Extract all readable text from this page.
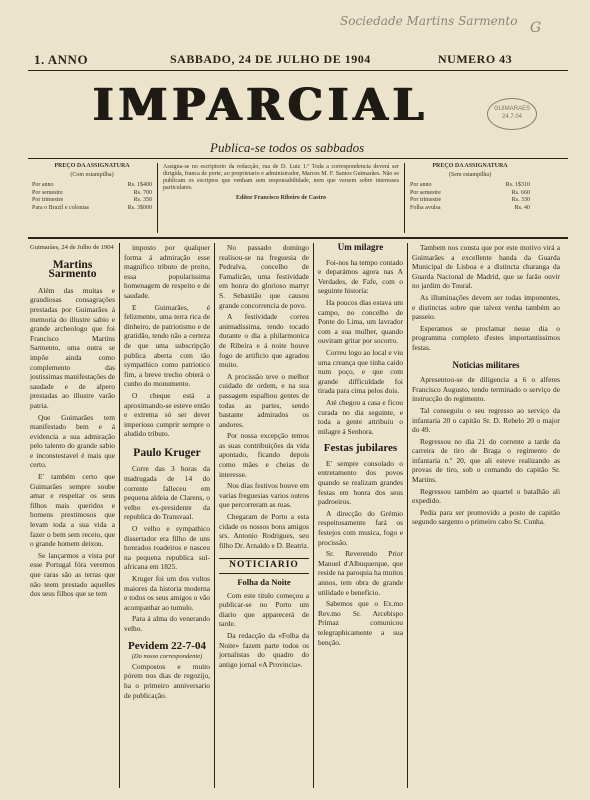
Sociedade Martins Sarmento G
1. ANNO	SABBADO, 24 DE JULHO DE 1904	NUMERO 43
IMPARCIAL
Publica-se todos os sabbados
GUIMARAES
24.7.04
PREÇO DA ASSIGNATURA
(Com estampilha)
Por anno	Rs. 1$400
Por semestre	Rs. 700
Por trimestre	Rs. 350
Para o Brazil e colonias	Rs. 3$000
Assigna-se no escriptorio da redacção, rua de D. Luiz 1.º Toda a correspondencia deverá ser dirigida, franca de porte, ao proprietario e administrador, Marcos M. F. Santos Guimarães. Não se publicam os escriptos que venham sem responsabilidade, nem que versem sobre interesses particulares.
Editor Francisco Ribeiro de Castro
PREÇO DA ASSIGNATURA
(Sem estampilha)
Por anno	Rs. 1$310
Por semestre	Rs. 660
Por trimestre	Rs. 330
Folha avulsa	Rs. 40

Guimarães, 24 de Julho de 1904

Martins Sarmento

Além das muitas e grandiosas consagrações prestadas por Guimarães á memoria do illustre sabio e grande archeologo que foi Francisco Martins Sarmento, uma outra se impõe ainda como complemento das jostissimas manifestações de saudade e de alpero prestadas ao illustre varão patria.

Que Guimarães tem manifestado bem e á evidencia a sua admiração pelo talento do grande sabio e inconstestavel é mais que certo.

E' também certo que Guimarães sempre soube amar e respeitar os seus filhos mais queridos e homens prestimosos que levam toda a sua vida a fazer o bem sem receio, que o grande homem deixou.

Se lançarmos a vista por esse Portugal fóra veremos que raras são as terras que não teem prestado aquelles dos seus filhos que se tem

imposto por qualquer forma á admiração esse magnifico tributo de preito, essa popularissima homenagem de respeito e de saudade.

E Guimarães, é felizmente, uma terra rica de dinheiro, de patriotismo e de gratidão, tendo não a certeza de que uma subscripção publica aberta com tão sympathico como patriotico fim, a breve trecho obterá o cunho do monumento.

O cheque está a aproximando-se esteve então e extrema só ser dever imperioso cumprir sempre o aludido tributo.

Paulo Kruger

Corre das 3 horas da madrugada de 14 do corrente falleceu em pequena aldeia de Clarens, o velho ex-presidente da republica do Transvaal.

O velho e sympathico dissertador era filho de uns honrados roadeiros e nasceu na pequena republica sul-africana em 1825.

Kruger foi um dos vultos maiores da historia moderna e todos os seus amigos o vão acompanhar ao tumulo.

Para á alma do venerando velho.

Pevidem 22-7-04
(Do nosso correspondente)

Compostos e muito pórem nos dias de regozijo, ha o primeiro anniversario de publicação.

No passado domingo realisou-se na freguesia de Pedralva, concelho de Famalicão, uma festividade em honra do glorioso martyr S. Sebastião que causou grande concorrencia de povo.

A festividade correu animadissima, tendo tocado durante o dia a philarmonica de Ribeira e á noite houve fogo de artificio que agradou muito.

A procissão teve o melhor cuidado de ordem, e na sua passagem espalhou gentes de todas as partes, sendo bastante admirados os andores.

Por nossa excepção temos as suas contribuições da vida apontado, ficando depois como mães e cheias de interesse.

Nos dias festivos houve em varias freguesias varios outros que percorreram as ruas.

Chegaram de Porto a esta cidade os nossos bons amigos srs. Antonio Rodrigues, seu filho Dr. Arnaldo e D. Beatriz.

NOTICIARIO
Folha da Noite

Com este titulo começou a publicar-se no Porto um diario que apparecerá de tarde.

Da redacção da «Folha da Noite» fazem parte todos os jornalistas do quadro do antigo jornal «A Provincia».

Um milagre

Foi-nos ha tempo contado e deparámos agora nas A Verdades, de Fafe, com o seguinte historia:

Ha poucos dias estava um campo, no concelho de Ponte do Lima, um lavrador com a sua mulher, quando ouviram gritar por socorro.

Correu logo ao local e viu uma creança que tinha caido num poço, e que com grande difficuldade foi tirada para cima pelos dois.

Até chegou a casa e ficou curada no dia seguinte, e toda a gente attribuiu o milagre á Senhora.

Festas jubilares

E' sempre consolado o entretamento dos povos quando se realizam grandes festas em honra dos seus padroeiros.

A direcção do Grémio respeitosamente fará os festejos com musica, fogo e procissão.

Sr. Reverendo Prior Manuel d'Albuquerque, que reside na paroquia ha muitos annos, tem obra de grande utilidade e benefício.

Sabemos que o Ex.mo Rev.mo Sr. Arcebispo Primaz comunicou telegraphicamente a sua benção.

Tambem nos consta que por este motivo virá a Guimarães a excellente banda da Guarda Municipal de Lisboa e a distincta charanga da Guarda Nacional de Madrid, que se farão ouvir no jardim do Toural.

As illuminações devem ser todas imponentes, e distinctas sobre que talvez venha também ao passeio.

Esperamos se proclamar nesse dia o programma completo d'estes importantissimos festas.

Noticias militares

Apresentou-se de diligencia a 6 o alferes Francisco Augusto, tendo terminado o serviço de instrucção do regimento.

Tal conseguiu o seu regresso ao serviço da infantaria 20 o capitão Sr. D. Rebelo 20 o major do 49.

Regressou no dia 21 do corrente a tarde da carreira de tiro de Braga o regimento de infantaria n.º 20, que ali esteve realizando as provas de tiro, sob o comando do capitão Sr. Martins.

Regressou também ao quartel o batalhão ali expedido.

Pedia para ser promovido a posto de capitão segundo sargento o primeiro cabo Sr. Cunha.
